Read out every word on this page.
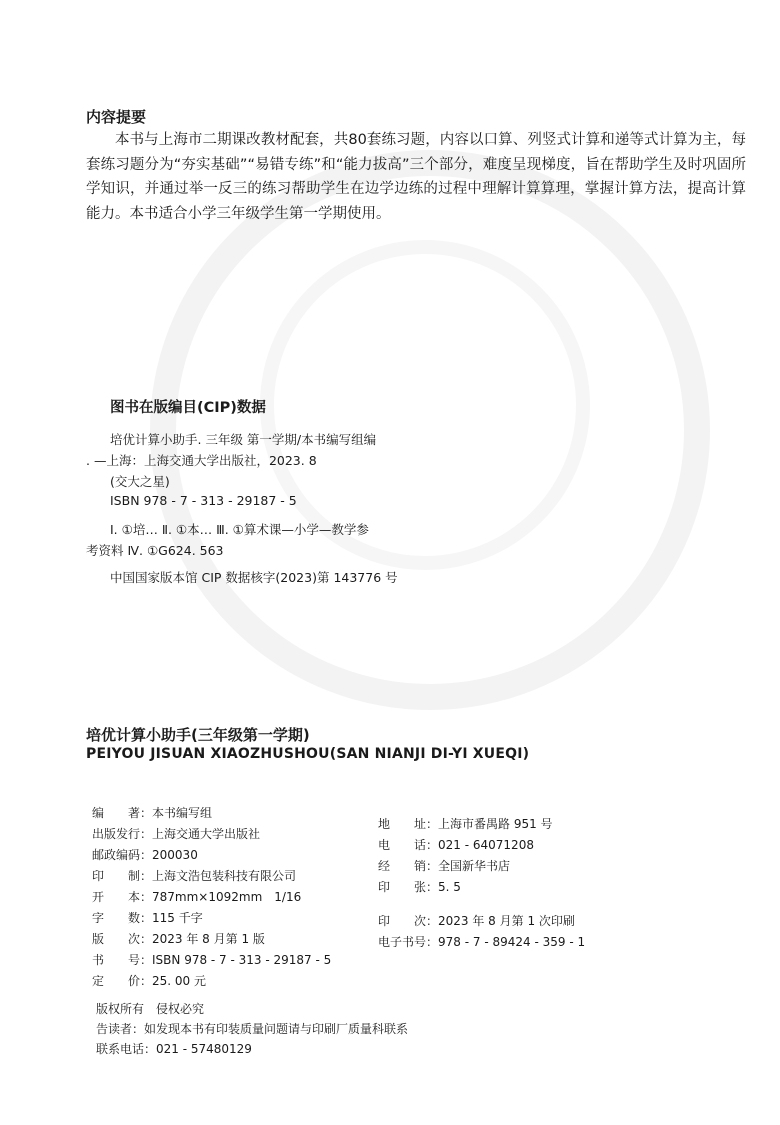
内容提要

本书与上海市二期课改教材配套，共80套练习题，内容以口算、列竖式计算和递等式计算为主，每套练习题分为“夯实基础”“易错专练”和“能力拔高”三个部分，难度呈现梯度，旨在帮助学生及时巩固所学知识，并通过举一反三的练习帮助学生在边学边练的过程中理解计算算理，掌握计算方法，提高计算能力。本书适合小学三年级学生第一学期使用。

图书在版编目(CIP)数据
培优计算小助手. 三年级 第一学期/本书编写组编
. —上海：上海交通大学出版社，2023. 8
(交大之星)
ISBN 978 - 7 - 313 - 29187 - 5
Ⅰ. ①培… Ⅱ. ①本… Ⅲ. ①算术课—小学—教学参
考资料 Ⅳ. ①G624. 563
中国国家版本馆 CIP 数据核字(2023)第 143776 号
培优计算小助手(三年级第一学期)
PEIYOU JISUAN XIAOZHUSHOU(SAN NIANJI DI-YI XUEQI)
编　　著：本书编写组
出版发行：上海交通大学出版社
邮政编码：200030
印　　制：上海文浩包装科技有限公司
开　　本：787mm×1092mm　1/16
字　　数：115 千字
版　　次：2023 年 8 月第 1 版
书　　号：ISBN 978 - 7 - 313 - 29187 - 5
定　　价：25. 00 元
地　　址：上海市番禺路 951 号
电　　话：021 - 64071208
经　　销：全国新华书店
印　　张：5. 5
印　　次：2023 年 8 月第 1 次印刷
电子书号：978 - 7 - 89424 - 359 - 1
版权所有　侵权必究
告读者：如发现本书有印装质量问题请与印刷厂质量科联系
联系电话：021 - 57480129
